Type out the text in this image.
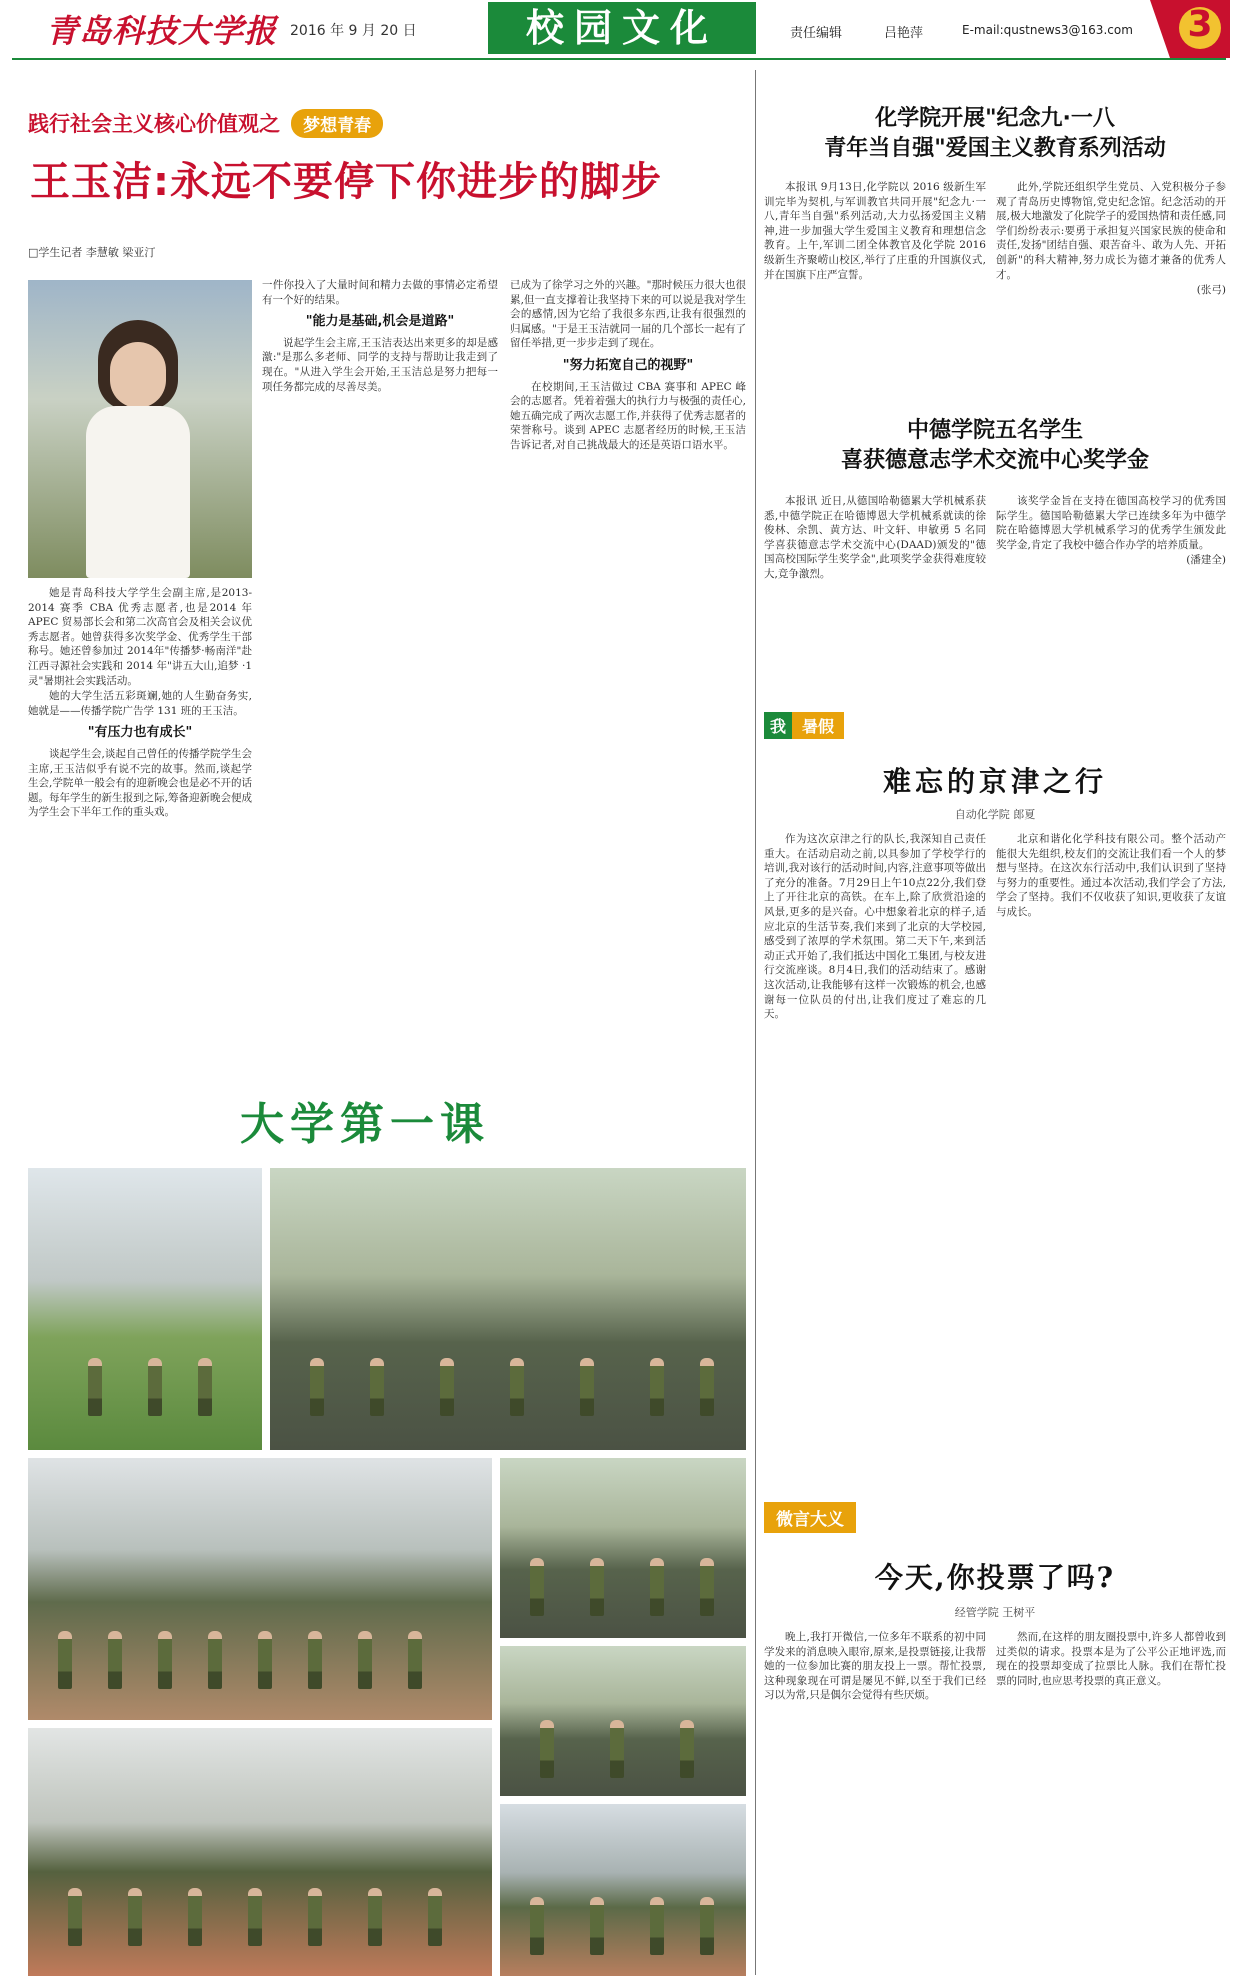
青岛科技大学报 2016 年 9 月 20 日	校园文化	责任编辑	吕艳萍	E-mail:qustnews3@163.com 3
践行社会主义核心价值观之 梦想青春
王玉洁:永远不要停下你进步的脚步
□学生记者 李慧敏 梁亚汀

她是青岛科技大学学生会副主席,是2013-2014 赛季 CBA 优秀志愿者,也是2014 年 APEC 贸易部长会和第二次高官会及相关会议优秀志愿者。她曾获得多次奖学金、优秀学生干部称号。她还曾参加过 2014年"传播梦·畅南洋"赴江西寻源社会实践和 2014 年"讲五大山,追梦 ·1 灵"暑期社会实践活动。

她的大学生活五彩斑斓,她的人生勤奋务实,她就是——传播学院广告学 131 班的王玉洁。

"有压力也有成长"

谈起学生会,谈起自己曾任的传播学院学生会主席,王玉洁似乎有说不完的故事。然而,谈起学生会,学院单一般会有的迎新晚会也是必不开的话题。每年学生的新生报到之际,筹备迎新晚会便成为学生会下半年工作的重头戏。

一件你投入了大量时间和精力去做的事情必定希望有一个好的结果。

"能力是基础,机会是道路"

说起学生会主席,王玉洁表达出来更多的却是感激:"是那么多老师、同学的支持与帮助让我走到了现在。"从进入学生会开始,王玉洁总是努力把每一项任务都完成的尽善尽美。

已成为了徐学习之外的兴趣。"那时候压力很大也很累,但一直支撑着让我坚持下来的可以说是我对学生会的感情,因为它给了我很多东西,让我有很强烈的归属感。"于是王玉洁就同一届的几个部长一起有了留任举措,更一步步走到了现在。

"努力拓宽自己的视野"

在校期间,王玉洁做过 CBA 赛事和 APEC 峰会的志愿者。凭着着强大的执行力与极强的责任心,她五确完成了两次志愿工作,并获得了优秀志愿者的荣誉称号。谈到 APEC 志愿者经历的时候,王玉洁告诉记者,对自己挑战最大的还是英语口语水平。

大学第一课
化学院开展"纪念九·一八
青年当自强"爱国主义教育系列活动

本报讯 9月13日,化学院以 2016 级新生军训完毕为契机,与军训教官共同开展"纪念九·一八,青年当自强"系列活动,大力弘扬爱国主义精神,进一步加强大学生爱国主义教育和理想信念教育。上午,军训二团全体教官及化学院 2016 级新生齐聚崂山校区,举行了庄重的升国旗仪式,并在国旗下庄严宣誓。

此外,学院还组织学生党员、入党积极分子参观了青岛历史博物馆,党史纪念馆。纪念活动的开展,极大地激发了化院学子的爱国热情和责任感,同学们纷纷表示:要勇于承担复兴国家民族的使命和责任,发扬"团结自强、艰苦奋斗、敢为人先、开拓创新"的科大精神,努力成长为德才兼备的优秀人才。

(张弓)
中德学院五名学生
喜获德意志学术交流中心奖学金

本报讯 近日,从德国哈勒德累大学机械系获悉,中德学院正在哈德博恩大学机械系就读的徐俊林、余凯、黄方达、叶文轩、申敏勇 5 名同学喜获德意志学术交流中心(DAAD)颁发的"德国高校国际学生奖学金",此项奖学金获得难度较大,竞争激烈。

该奖学金旨在支持在德国高校学习的优秀国际学生。德国哈勒德累大学已连续多年为中德学院在哈德博恩大学机械系学习的优秀学生颁发此奖学金,肯定了我校中德合作办学的培养质量。

(潘建全)
我 暑假
难忘的京津之行
自动化学院 郎夏

作为这次京津之行的队长,我深知自己责任重大。在活动启动之前,以具参加了学校学行的培训,我对该行的活动时间,内容,注意事项等做出了充分的准备。7月29日上午10点22分,我们登上了开往北京的高铁。在车上,除了欣赏沿途的风景,更多的是兴奋。心中想象着北京的样子,适应北京的生活节奏,我们来到了北京的大学校园,感受到了浓厚的学术氛围。第二天下午,来到活动正式开始了,我们抵达中国化工集团,与校友进行交流座谈。8月4日,我们的活动结束了。感谢这次活动,让我能够有这样一次锻炼的机会,也感谢每一位队员的付出,让我们度过了难忘的几天。

北京和谐化化学科技有限公司。整个活动产能很大先组织,校友们的交流让我们看一个人的梦想与坚持。在这次东行活动中,我们认识到了坚持与努力的重要性。通过本次活动,我们学会了方法,学会了坚持。我们不仅收获了知识,更收获了友谊与成长。

微言大义
今天,你投票了吗?
经管学院 王树平

晚上,我打开微信,一位多年不联系的初中同学发来的消息映入眼帘,原来,是投票链接,让我帮她的一位参加比赛的朋友投上一票。帮忙投票,这种现象现在可谓是屡见不鲜,以至于我们已经习以为常,只是偶尔会觉得有些厌烦。

然而,在这样的朋友圈投票中,许多人都曾收到过类似的请求。投票本是为了公平公正地评选,而现在的投票却变成了拉票比人脉。我们在帮忙投票的同时,也应思考投票的真正意义。
